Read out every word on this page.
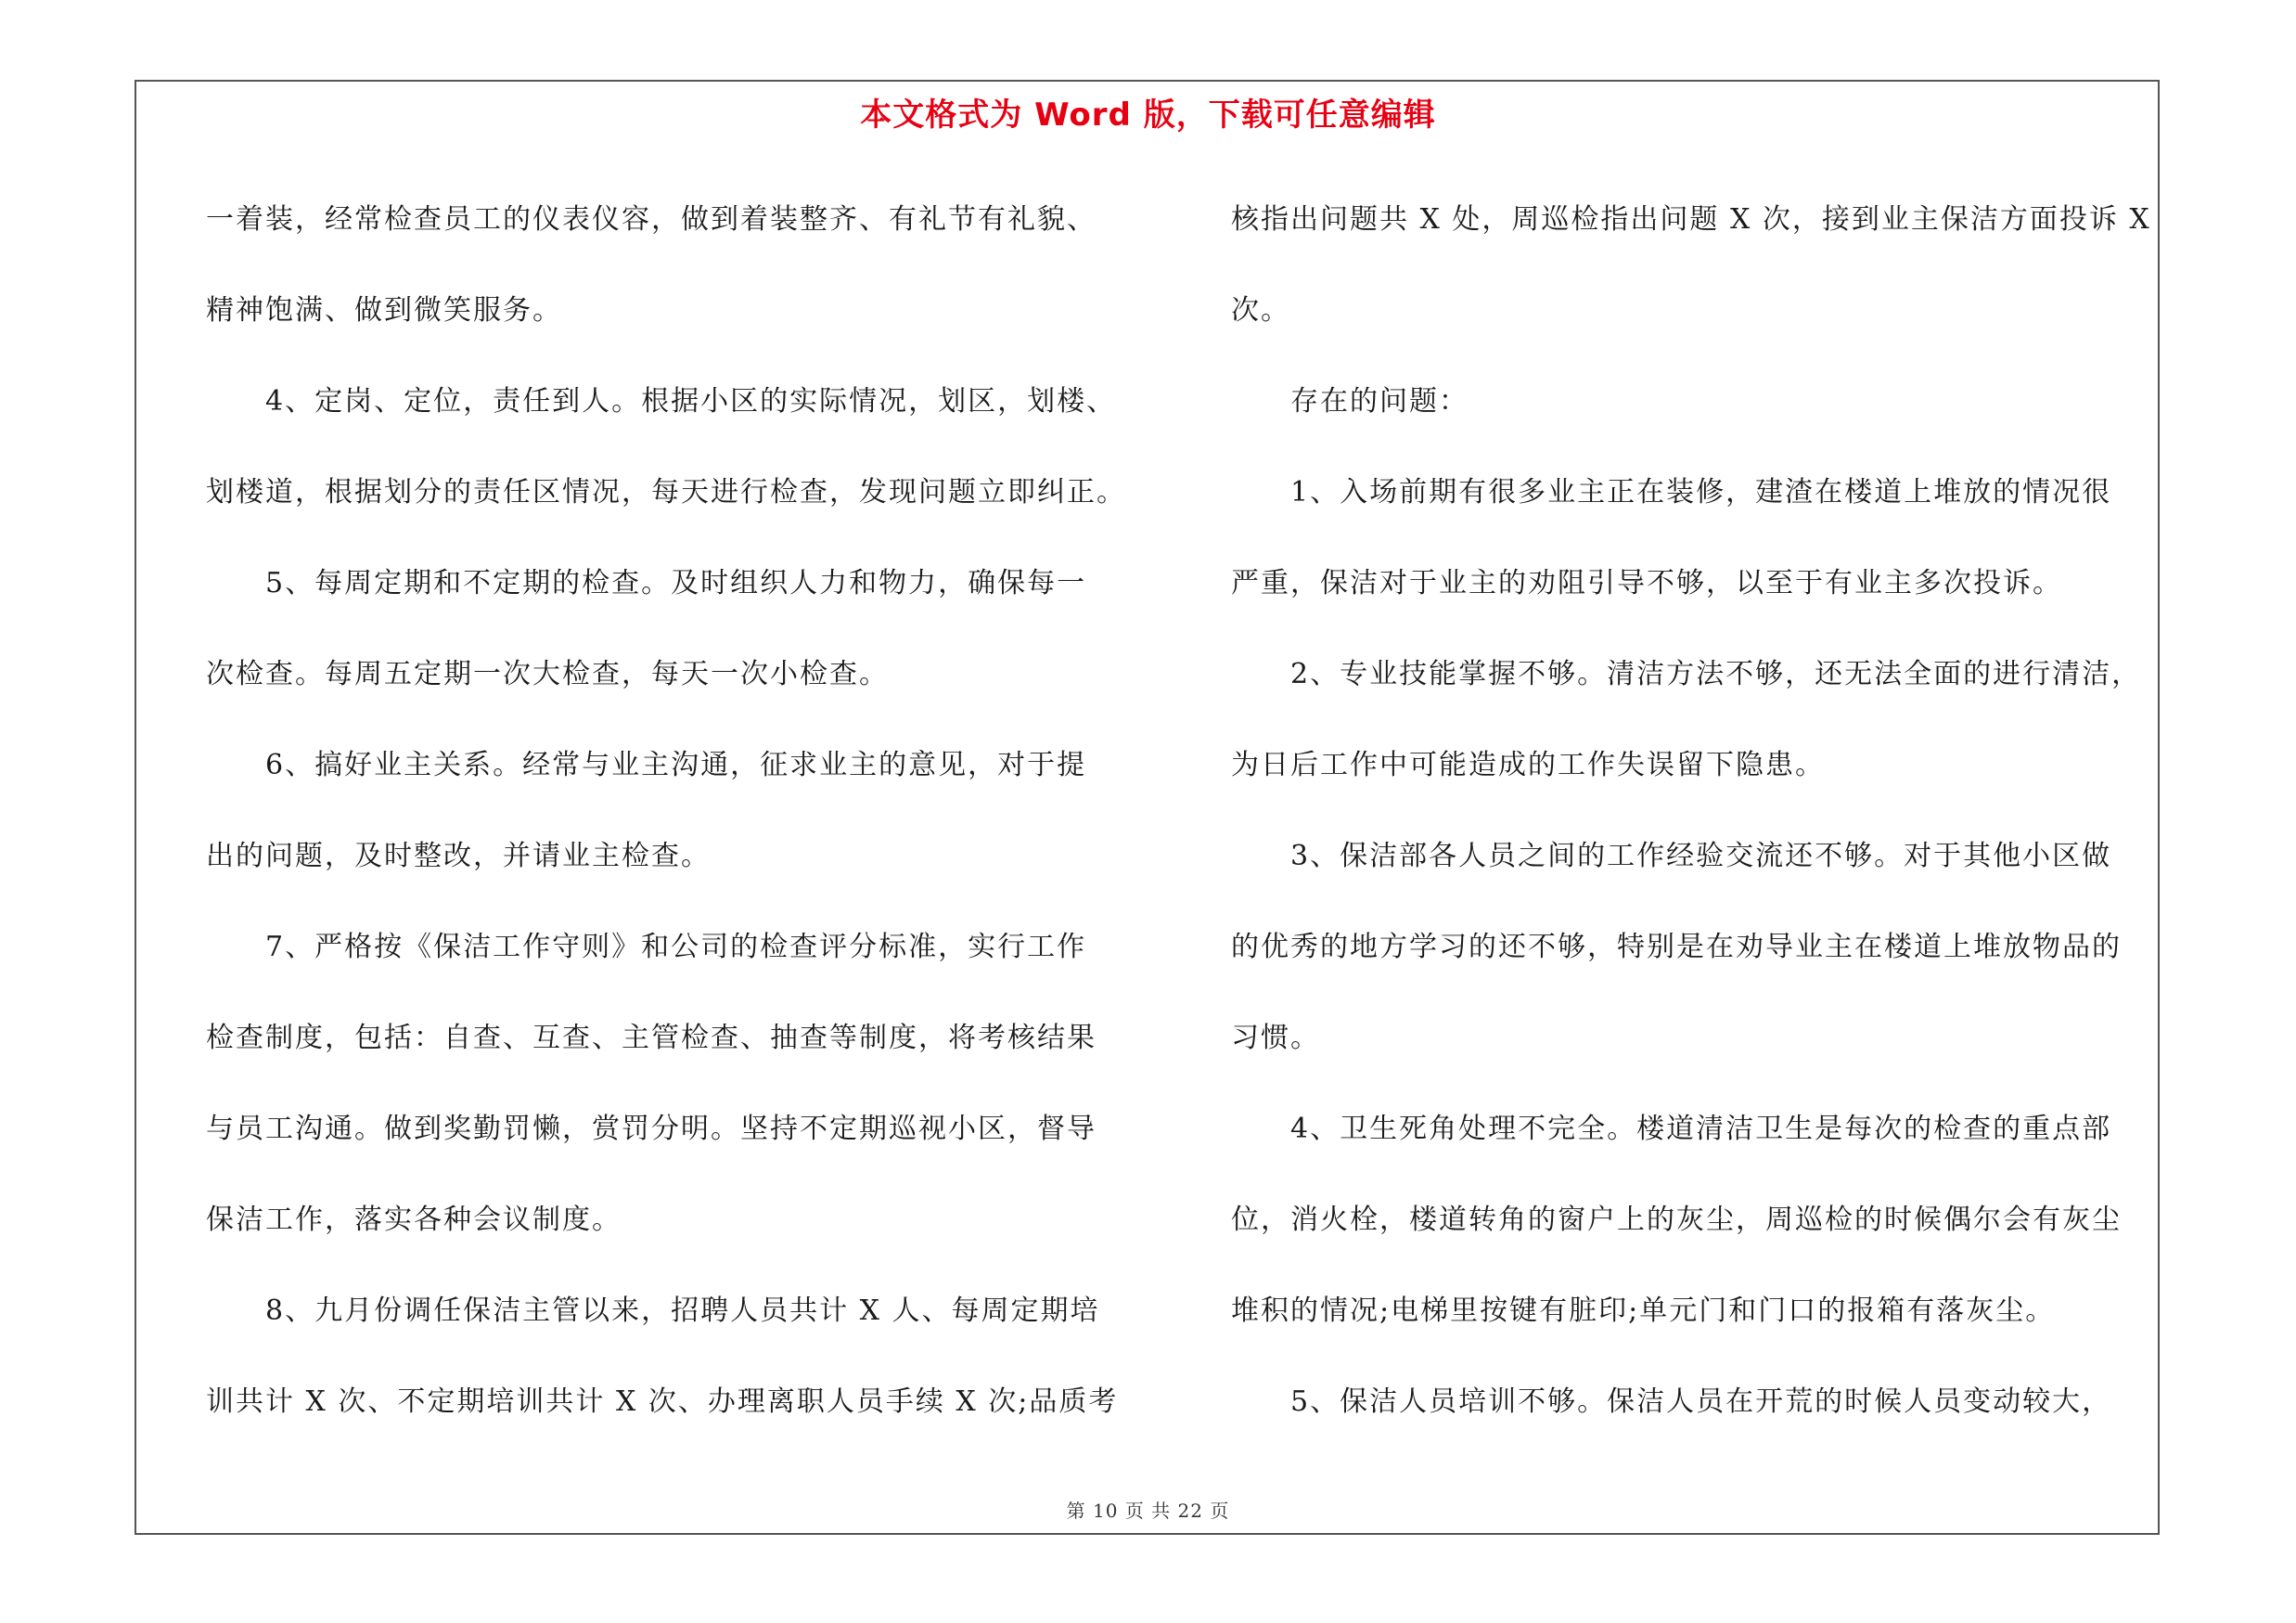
本文格式为 Word 版，下载可任意编辑
一着装，经常检查员工的仪表仪容，做到着装整齐、有礼节有礼貌、
精神饱满、做到微笑服务。
　　4、定岗、定位，责任到人。根据小区的实际情况，划区，划楼、
划楼道，根据划分的责任区情况，每天进行检查，发现问题立即纠正。
　　5、每周定期和不定期的检查。及时组织人力和物力，确保每一
次检查。每周五定期一次大检查，每天一次小检查。
　　6、搞好业主关系。经常与业主沟通，征求业主的意见，对于提
出的问题，及时整改，并请业主检查。
　　7、严格按《保洁工作守则》和公司的检查评分标准，实行工作
检查制度，包括：自查、互查、主管检查、抽查等制度，将考核结果
与员工沟通。做到奖勤罚懒，赏罚分明。坚持不定期巡视小区，督导
保洁工作，落实各种会议制度。
　　8、九月份调任保洁主管以来，招聘人员共计 X 人、每周定期培
训共计 X 次、不定期培训共计 X 次、办理离职人员手续 X 次;品质考
核指出问题共 X 处，周巡检指出问题 X 次，接到业主保洁方面投诉 X
次。
　　存在的问题：
　　1、入场前期有很多业主正在装修，建渣在楼道上堆放的情况很
严重，保洁对于业主的劝阻引导不够，以至于有业主多次投诉。
　　2、专业技能掌握不够。清洁方法不够，还无法全面的进行清洁，
为日后工作中可能造成的工作失误留下隐患。
　　3、保洁部各人员之间的工作经验交流还不够。对于其他小区做
的优秀的地方学习的还不够，特别是在劝导业主在楼道上堆放物品的
习惯。
　　4、卫生死角处理不完全。楼道清洁卫生是每次的检查的重点部
位，消火栓，楼道转角的窗户上的灰尘，周巡检的时候偶尔会有灰尘
堆积的情况;电梯里按键有脏印;单元门和门口的报箱有落灰尘。
　　5、保洁人员培训不够。保洁人员在开荒的时候人员变动较大，
第 10 页 共 22 页
